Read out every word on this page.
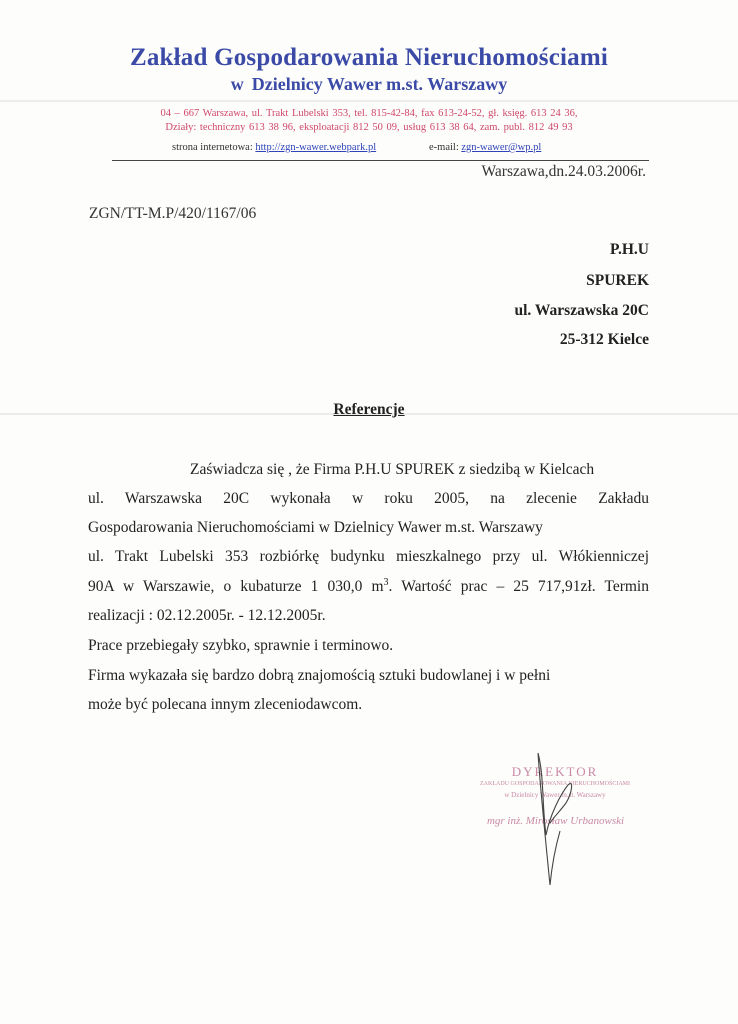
Zakład Gospodarowania Nieruchomościami
w Dzielnicy Wawer m.st. Warszawy
04 – 667 Warszawa, ul. Trakt Lubelski 353, tel. 815-42-84, fax 613-24-52, gł. księg. 613 24 36,
Działy: techniczny 613 38 96, eksploatacji 812 50 09, usług 613 38 64, zam. publ. 812 49 93
strona internetowa: http://zgn-wawer.webpark.pl	e-mail: zgn-wawer@wp.pl
Warszawa,dn.24.03.2006r.
ZGN/TT-M.P/420/1167/06
P.H.U
SPUREK
ul. Warszawska 20C
25-312 Kielce
Referencje
Zaświadcza się , że Firma P.H.U SPUREK z siedzibą w Kielcach
ul. Warszawska 20C wykonała w roku 2005, na zlecenie Zakładu
Gospodarowania Nieruchomościami w Dzielnicy Wawer m.st. Warszawy
ul. Trakt Lubelski 353 rozbiórkę budynku mieszkalnego przy ul. Włókienniczej
90A w Warszawie, o kubaturze 1 030,0 $m^3$. Wartość prac – 25 717,91zł. Termin
realizacji : 02.12.2005r. - 12.12.2005r.
Prace przebiegały szybko, sprawnie i terminowo.
Firma wykazała się bardzo dobrą znajomością sztuki budowlanej i w pełni
może być polecana innym zleceniodawcom.
DYREKTOR
ZAKŁADU GOSPODAROWANIA NIERUCHOMOŚCIAMI
w Dzielnicy Wawer m.st. Warszawy
mgr inż. Mirosław Urbanowski
